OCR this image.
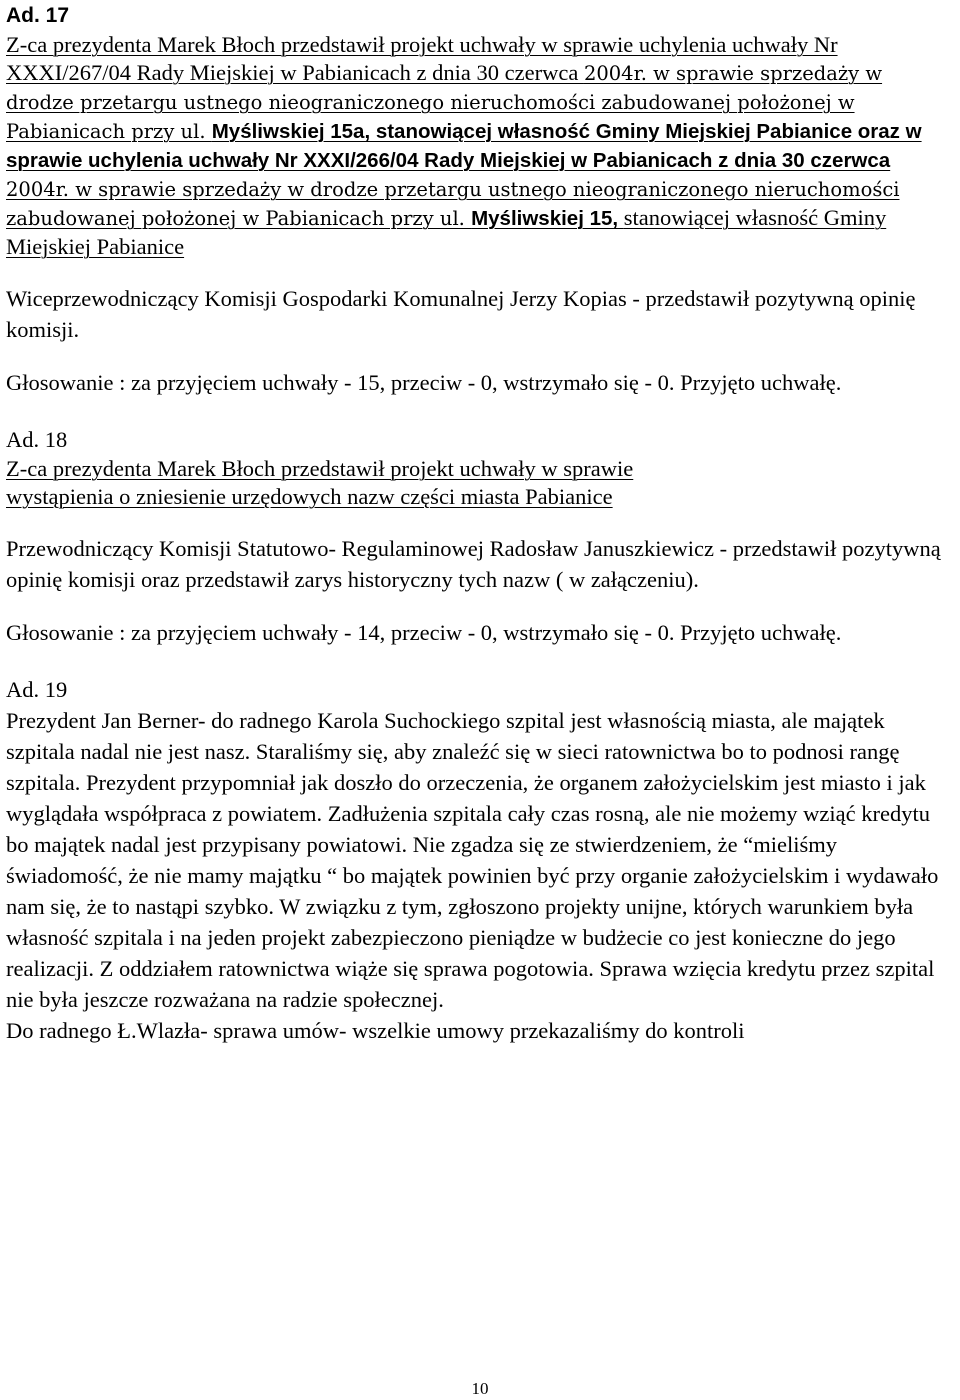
Ad. 17
Z-ca prezydenta Marek Błoch przedstawił projekt uchwały w sprawie uchylenia uchwały Nr XXXI/267/04 Rady Miejskiej w Pabianicach z dnia 30 czerwca 2004r. w sprawie sprzedaży w drodze przetargu ustnego nieograniczonego nieruchomości zabudowanej położonej w Pabianicach przy ul. Myśliwskiej 15a, stanowiącej własność Gminy Miejskiej Pabianice oraz w sprawie uchylenia uchwały Nr XXXI/266/04 Rady Miejskiej w Pabianicach z dnia 30 czerwca 2004r. w sprawie sprzedaży w drodze przetargu ustnego nieograniczonego nieruchomości zabudowanej położonej w Pabianicach przy ul. Myśliwskiej 15, stanowiącej własność Gminy Miejskiej Pabianice
Wiceprzewodniczący Komisji Gospodarki Komunalnej Jerzy Kopias - przedstawił pozytywną opinię komisji.
Głosowanie : za przyjęciem uchwały - 15, przeciw - 0, wstrzymało się - 0. Przyjęto uchwałę.
Ad. 18
Z-ca prezydenta Marek Błoch przedstawił projekt uchwały w sprawie
wystąpienia o zniesienie urzędowych nazw części miasta Pabianice
Przewodniczący Komisji Statutowo- Regulaminowej Radosław Januszkiewicz - przedstawił pozytywną opinię komisji oraz przedstawił zarys historyczny tych nazw ( w załączeniu).
Głosowanie : za przyjęciem uchwały - 14, przeciw - 0, wstrzymało się - 0. Przyjęto uchwałę.
Ad. 19
Prezydent Jan Berner- do radnego Karola Suchockiego szpital jest własnością miasta, ale majątek szpitala nadal nie jest nasz. Staraliśmy się, aby znaleźć się w sieci ratownictwa bo to podnosi rangę szpitala. Prezydent przypomniał jak doszło do orzeczenia, że organem założycielskim jest miasto i jak wyglądała współpraca z powiatem. Zadłużenia szpitala cały czas rosną, ale nie możemy wziąć kredytu bo majątek nadal jest przypisany powiatowi. Nie zgadza się ze stwierdzeniem, że “mieliśmy świadomość, że nie mamy majątku “ bo majątek powinien być przy organie założycielskim i wydawało nam się, że to nastąpi szybko. W związku z tym, zgłoszono projekty unijne, których warunkiem była własność szpitala i na jeden projekt zabezpieczono pieniądze w budżecie co jest konieczne do jego realizacji. Z oddziałem ratownictwa wiąże się sprawa pogotowia. Sprawa wzięcia kredytu przez szpital nie była jeszcze rozważana na radzie społecznej.
Do radnego Ł.Wlazła- sprawa umów- wszelkie umowy przekazaliśmy do kontroli
10
